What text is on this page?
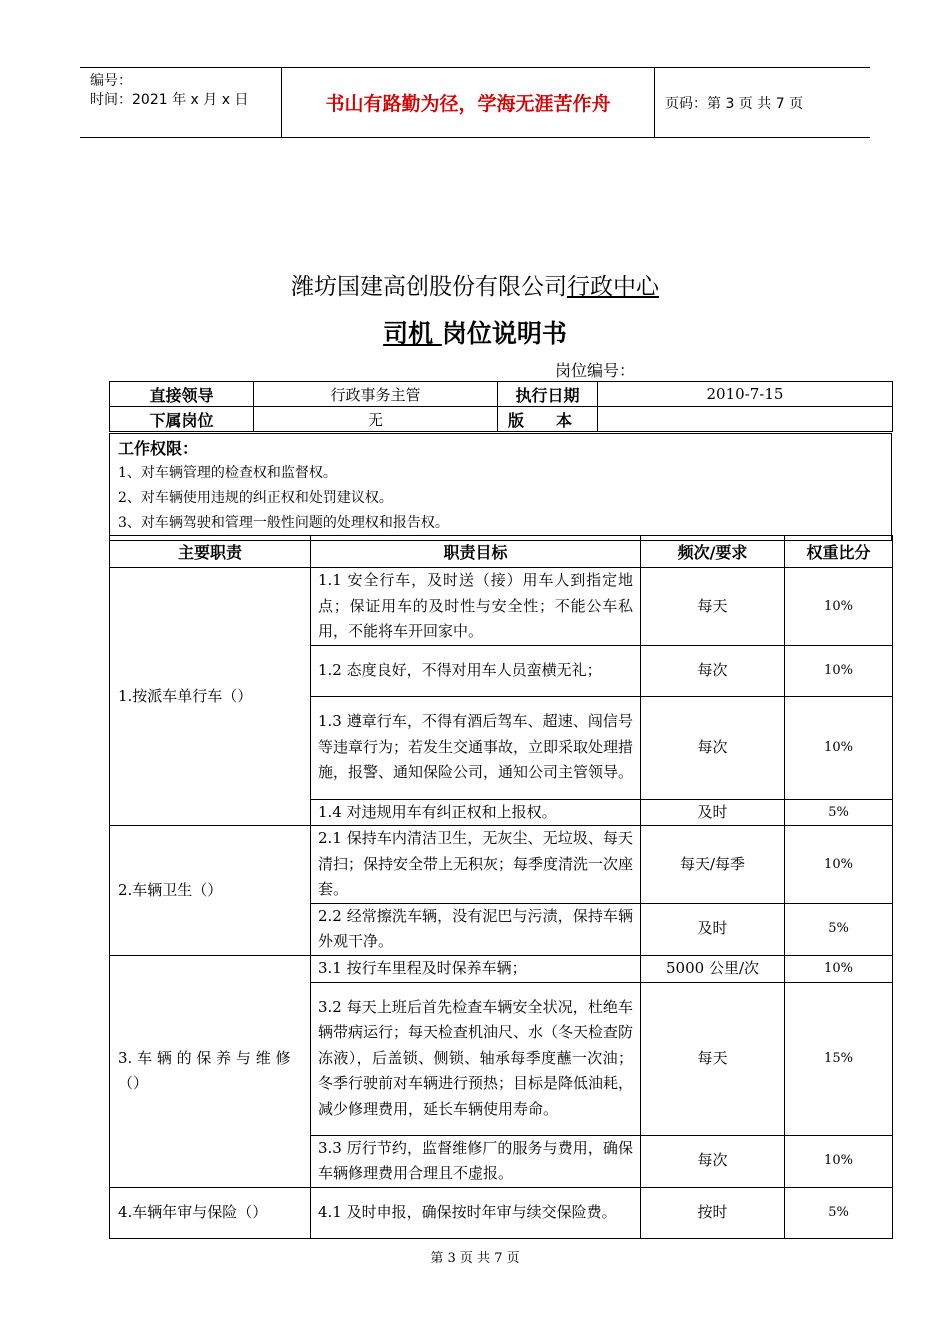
编号：
时间：2021 年 x 月 x 日	书山有路勤为径，学海无涯苦作舟	页码：第 3 页 共 7 页
潍坊国建高创股份有限公司行政中心
司机 岗位说明书
岗位编号：
直接领导	行政事务主管	执行日期	2010-7-15
下属岗位	无	版　　本	
工作权限：
1、对车辆管理的检查权和监督权。
2、对车辆使用违规的纠正权和处罚建议权。
3、对车辆驾驶和管理一般性问题的处理权和报告权。
主要职责	职责目标	频次/要求	权重比分
1.按派车单行车（）	1.1 安全行车，及时送（接）用车人到指定地点；保证用车的及时性与安全性；不能公车私用，不能将车开回家中。	每天	10%
	1.2 态度良好，不得对用车人员蛮横无礼；	每次	10%
	1.3 遵章行车，不得有酒后驾车、超速、闯信号等违章行为；若发生交通事故，立即采取处理措施，报警、通知保险公司，通知公司主管领导。	每次	10%
	1.4 对违规用车有纠正权和上报权。	及时	5%
2.车辆卫生（）	2.1 保持车内清洁卫生，无灰尘、无垃圾、每天清扫；保持安全带上无积灰；每季度清洗一次座套。	每天/每季	10%
	2.2 经常擦洗车辆，没有泥巴与污渍，保持车辆外观干净。	及时	5%
3. 车 辆 的 保 养 与 维 修（）	3.1 按行车里程及时保养车辆；	5000 公里/次	10%
	3.2 每天上班后首先检查车辆安全状况，杜绝车辆带病运行；每天检查机油尺、水（冬天检查防冻液），后盖锁、侧锁、轴承每季度蘸一次油；冬季行驶前对车辆进行预热；目标是降低油耗，减少修理费用，延长车辆使用寿命。	每天	15%
	3.3 厉行节约，监督维修厂的服务与费用，确保车辆修理费用合理且不虚报。	每次	10%
4.车辆年审与保险（）	4.1 及时申报，确保按时年审与续交保险费。	按时	5%
第 3 页 共 7 页
